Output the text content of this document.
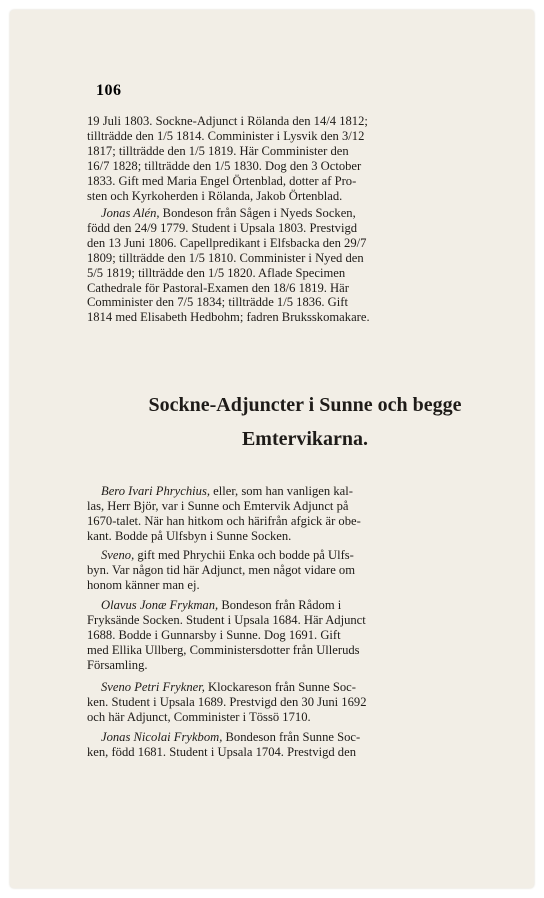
106

19 Juli 1803. Sockne-Adjunct i Rölanda den 14/4 1812;
tillträdde den 1/5 1814. Comminister i Lysvik den 3/12
1817; tillträdde den 1/5 1819. Här Comminister den
16/7 1828; tillträdde den 1/5 1830. Dog den 3 October
1833. Gift med Maria Engel Örtenblad, dotter af Pro-
sten och Kyrkoherden i Rölanda, Jakob Örtenblad.

Jonas Alén, Bondeson från Sågen i Nyeds Socken,
född den 24/9 1779. Student i Upsala 1803. Prestvigd
den 13 Juni 1806. Capellpredikant i Elfsbacka den 29/7
1809; tillträdde den 1/5 1810. Comminister i Nyed den
5/5 1819; tillträdde den 1/5 1820. Aflade Specimen
Cathedrale för Pastoral-Examen den 18/6 1819. Här
Comminister den 7/5 1834; tillträdde 1/5 1836. Gift
1814 med Elisabeth Hedbohm; fadren Bruksskomakare.

Sockne-Adjuncter i Sunne och begge
Emtervikarna.

Bero Ivari Phrychius, eller, som han vanligen kal-
las, Herr Björ, var i Sunne och Emtervik Adjunct på
1670-talet. När han hitkom och härifrån afgick är obe-
kant. Bodde på Ulfsbyn i Sunne Socken.

Sveno, gift med Phrychii Enka och bodde på Ulfs-
byn. Var någon tid här Adjunct, men något vidare om
honom känner man ej.

Olavus Jonæ Frykman, Bondeson från Rådom i
Fryksände Socken. Student i Upsala 1684. Här Adjunct
1688. Bodde i Gunnarsby i Sunne. Dog 1691. Gift
med Ellika Ullberg, Comministersdotter från Ulleruds
Församling.

Sveno Petri Frykner, Klockareson från Sunne Soc-
ken. Student i Upsala 1689. Prestvigd den 30 Juni 1692
och här Adjunct, Comminister i Tössö 1710.

Jonas Nicolai Frykbom, Bondeson från Sunne Soc-
ken, född 1681. Student i Upsala 1704. Prestvigd den
